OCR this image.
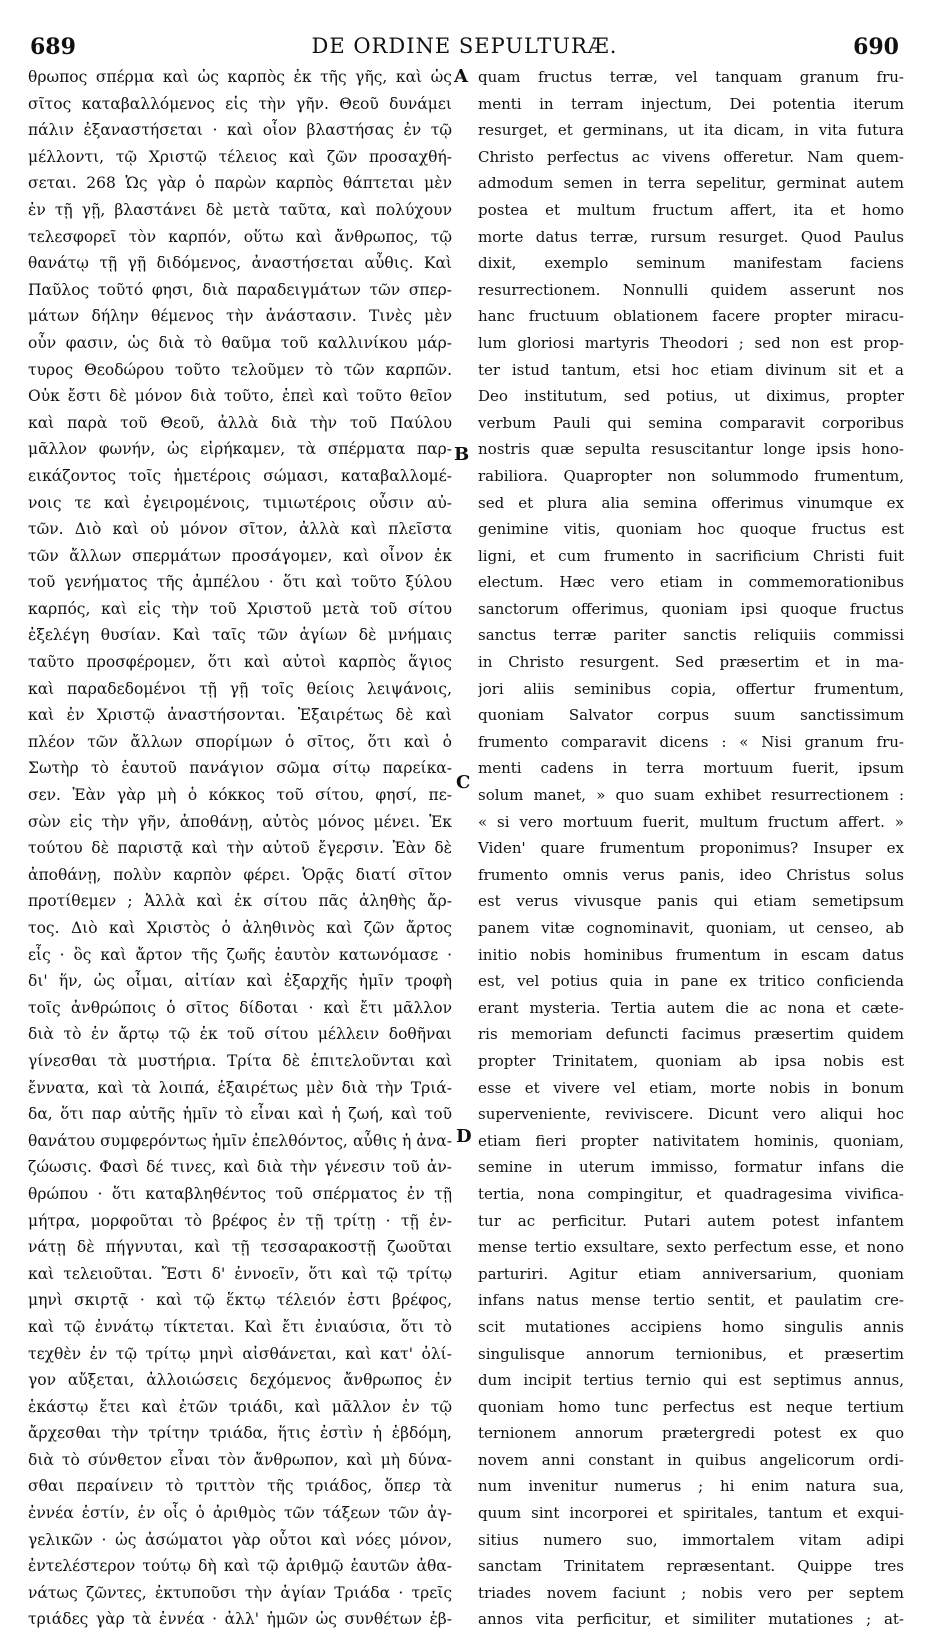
689	DE ORDINE SEPULTURÆ.	690
A
B
C
D
θρωπος σπέρμα καὶ ὡς καρπὸς ἐκ τῆς γῆς, καὶ ὡς
σῖτος καταβαλλόμενος εἰς τὴν γῆν. Θεοῦ δυνάμει
πάλιν ἐξαναστήσεται · καὶ οἷον βλαστήσας ἐν τῷ
μέλλοντι, τῷ Χριστῷ τέλειος καὶ ζῶν προσαχθή-
σεται. 268 Ὡς γὰρ ὁ παρὼν καρπὸς θάπτεται μὲν
ἐν τῇ γῇ, βλαστάνει δὲ μετὰ ταῦτα, καὶ πολύχουν
τελεσφορεῖ τὸν καρπόν, οὕτω καὶ ἄνθρωπος, τῷ
θανάτῳ τῇ γῇ διδόμενος, ἀναστήσεται αὖθις. Καὶ
Παῦλος τοῦτό φησι, διὰ παραδειγμάτων τῶν σπερ-
μάτων δήλην θέμενος τὴν ἀνάστασιν. Τινὲς μὲν
οὖν φασιν, ὡς διὰ τὸ θαῦμα τοῦ καλλινίκου μάρ-
τυρος Θεοδώρου τοῦτο τελοῦμεν τὸ τῶν καρπῶν.
Οὐκ ἔστι δὲ μόνον διὰ τοῦτο, ἐπεὶ καὶ τοῦτο θεῖον
καὶ παρὰ τοῦ Θεοῦ, ἀλλὰ διὰ τὴν τοῦ Παύλου
μᾶλλον φωνήν, ὡς εἰρήκαμεν, τὰ σπέρματα παρ-
εικάζοντος τοῖς ἡμετέροις σώμασι, καταβαλλομέ-
νοις τε καὶ ἐγειρομένοις, τιμιωτέροις οὖσιν αὐ-
τῶν. Διὸ καὶ οὐ μόνον σῖτον, ἀλλὰ καὶ πλεῖστα
τῶν ἄλλων σπερμάτων προσάγομεν, καὶ οἶνον ἐκ
τοῦ γενήματος τῆς ἀμπέλου · ὅτι καὶ τοῦτο ξύλου
καρπός, καὶ εἰς τὴν τοῦ Χριστοῦ μετὰ τοῦ σίτου
ἐξελέγη θυσίαν. Καὶ ταῖς τῶν ἁγίων δὲ μνήμαις
ταῦτο προσφέρομεν, ὅτι καὶ αὐτοὶ καρπὸς ἅγιος
καὶ παραδεδομένοι τῇ γῇ τοῖς θείοις λειψάνοις,
καὶ ἐν Χριστῷ ἀναστήσονται. Ἐξαιρέτως δὲ καὶ
πλέον τῶν ἄλλων σπορίμων ὁ σῖτος, ὅτι καὶ ὁ
Σωτὴρ τὸ ἑαυτοῦ πανάγιον σῶμα σίτῳ παρείκα-
σεν. Ἐὰν γὰρ μὴ ὁ κόκκος τοῦ σίτου, φησί, πε-
σὼν εἰς τὴν γῆν, ἀποθάνῃ, αὐτὸς μόνος μένει. Ἐκ
τούτου δὲ παριστᾷ καὶ τὴν αὐτοῦ ἔγερσιν. Ἐὰν δὲ
ἀποθάνῃ, πολὺν καρπὸν φέρει. Ὁρᾷς διατί σῖτον
προτίθεμεν ; Ἀλλὰ καὶ ἐκ σίτου πᾶς ἀληθὴς ἄρ-
τος. Διὸ καὶ Χριστὸς ὁ ἀληθινὸς καὶ ζῶν ἄρτος
εἷς · ὃς καὶ ἄρτον τῆς ζωῆς ἑαυτὸν κατωνόμασε ·
δι' ἥν, ὡς οἶμαι, αἰτίαν καὶ ἐξαρχῆς ἡμῖν τροφὴ
τοῖς ἀνθρώποις ὁ σῖτος δίδοται · καὶ ἔτι μᾶλλον
διὰ τὸ ἐν ἄρτῳ τῷ ἐκ τοῦ σίτου μέλλειν δοθῆναι
γίνεσθαι τὰ μυστήρια. Τρίτα δὲ ἐπιτελοῦνται καὶ
ἔννατα, καὶ τὰ λοιπά, ἐξαιρέτως μὲν διὰ τὴν Τριά-
δα, ὅτι παρ αὐτῆς ἡμῖν τὸ εἶναι καὶ ἡ ζωή, καὶ τοῦ
θανάτου συμφερόντως ἡμῖν ἐπελθόντος, αὖθις ἡ ἀνα-
ζώωσις. Φασὶ δέ τινες, καὶ διὰ τὴν γένεσιν τοῦ ἀν-
θρώπου · ὅτι καταβληθέντος τοῦ σπέρματος ἐν τῇ
μήτρα, μορφοῦται τὸ βρέφος ἐν τῇ τρίτῃ · τῇ ἐν-
νάτῃ δὲ πήγνυται, καὶ τῇ τεσσαρακοστῇ ζωοῦται
καὶ τελειοῦται. Ἔστι δ' ἐννοεῖν, ὅτι καὶ τῷ τρίτῳ
μηνὶ σκιρτᾷ · καὶ τῷ ἕκτῳ τέλειόν ἐστι βρέφος,
καὶ τῷ ἐννάτῳ τίκτεται. Καὶ ἔτι ἐνιαύσια, ὅτι τὸ
τεχθὲν ἐν τῷ τρίτῳ μηνὶ αἰσθάνεται, καὶ κατ' ὀλί-
γον αὔξεται, ἀλλοιώσεις δεχόμενος ἄνθρωπος ἐν
ἑκάστῳ ἔτει καὶ ἐτῶν τριάδι, καὶ μᾶλλον ἐν τῷ
ἄρχεσθαι τὴν τρίτην τριάδα, ἥτις ἐστὶν ἡ ἑβδόμη,
διὰ τὸ σύνθετον εἶναι τὸν ἄνθρωπον, καὶ μὴ δύνα-
σθαι περαίνειν τὸ τριττὸν τῆς τριάδος, ὅπερ τὰ
ἐννέα ἐστίν, ἐν οἷς ὁ ἀριθμὸς τῶν τάξεων τῶν ἀγ-
γελικῶν · ὡς ἀσώματοι γὰρ οὗτοι καὶ νόες μόνον,
ἐντελέστερον τούτῳ δὴ καὶ τῷ ἀριθμῷ ἑαυτῶν ἀθα-
νάτως ζῶντες, ἐκτυποῦσι τὴν ἁγίαν Τριάδα · τρεῖς
τριάδες γὰρ τὰ ἐννέα · ἀλλ' ἡμῶν ὡς συνθέτων ἑβ-
quam fructus terræ, vel tanquam granum fru-
menti in terram injectum, Dei potentia iterum
resurget, et germinans, ut ita dicam, in vita futura
Christo perfectus ac vivens offeretur. Nam quem-
admodum semen in terra sepelitur, germinat autem
postea et multum fructum affert, ita et homo
morte datus terræ, rursum resurget. Quod Paulus
dixit, exemplo seminum manifestam faciens
resurrectionem. Nonnulli quidem asserunt nos
hanc fructuum oblationem facere propter miracu-
lum gloriosi martyris Theodori ; sed non est prop-
ter istud tantum, etsi hoc etiam divinum sit et a
Deo institutum, sed potius, ut diximus, propter
verbum Pauli qui semina comparavit corporibus
nostris quæ sepulta resuscitantur longe ipsis hono-
rabiliora. Quapropter non solummodo frumentum,
sed et plura alia semina offerimus vinumque ex
genimine vitis, quoniam hoc quoque fructus est
ligni, et cum frumento in sacrificium Christi fuit
electum. Hæc vero etiam in commemorationibus
sanctorum offerimus, quoniam ipsi quoque fructus
sanctus terræ pariter sanctis reliquiis commissi
in Christo resurgent. Sed præsertim et in ma-
jori aliis seminibus copia, offertur frumentum,
quoniam Salvator corpus suum sanctissimum
frumento comparavit dicens : « Nisi granum fru-
menti cadens in terra mortuum fuerit, ipsum
solum manet, » quo suam exhibet resurrectionem :
« si vero mortuum fuerit, multum fructum affert. »
Viden' quare frumentum proponimus? Insuper ex
frumento omnis verus panis, ideo Christus solus
est verus vivusque panis qui etiam semetipsum
panem vitæ cognominavit, quoniam, ut censeo, ab
initio nobis hominibus frumentum in escam datus
est, vel potius quia in pane ex tritico conficienda
erant mysteria. Tertia autem die ac nona et cæte-
ris memoriam defuncti facimus præsertim quidem
propter Trinitatem, quoniam ab ipsa nobis est
esse et vivere vel etiam, morte nobis in bonum
superveniente, reviviscere. Dicunt vero aliqui hoc
etiam fieri propter nativitatem hominis, quoniam,
semine in uterum immisso, formatur infans die
tertia, nona compingitur, et quadragesima vivifica-
tur ac perficitur. Putari autem potest infantem
mense tertio exsultare, sexto perfectum esse, et nono
parturiri. Agitur etiam anniversarium, quoniam
infans natus mense tertio sentit, et paulatim cre-
scit mutationes accipiens homo singulis annis
singulisque annorum ternionibus, et præsertim
dum incipit tertius ternio qui est septimus annus,
quoniam homo tunc perfectus est neque tertium
ternionem annorum prætergredi potest ex quo
novem anni constant in quibus angelicorum ordi-
num invenitur numerus ; hi enim natura sua,
quum sint incorporei et spiritales, tantum et exqui-
sitius numero suo, immortalem vitam adipi
sanctam Trinitatem repræsentant. Quippe tres
triades novem faciunt ; nobis vero per septem
annos vita perficitur, et similiter mutationes ; at-
